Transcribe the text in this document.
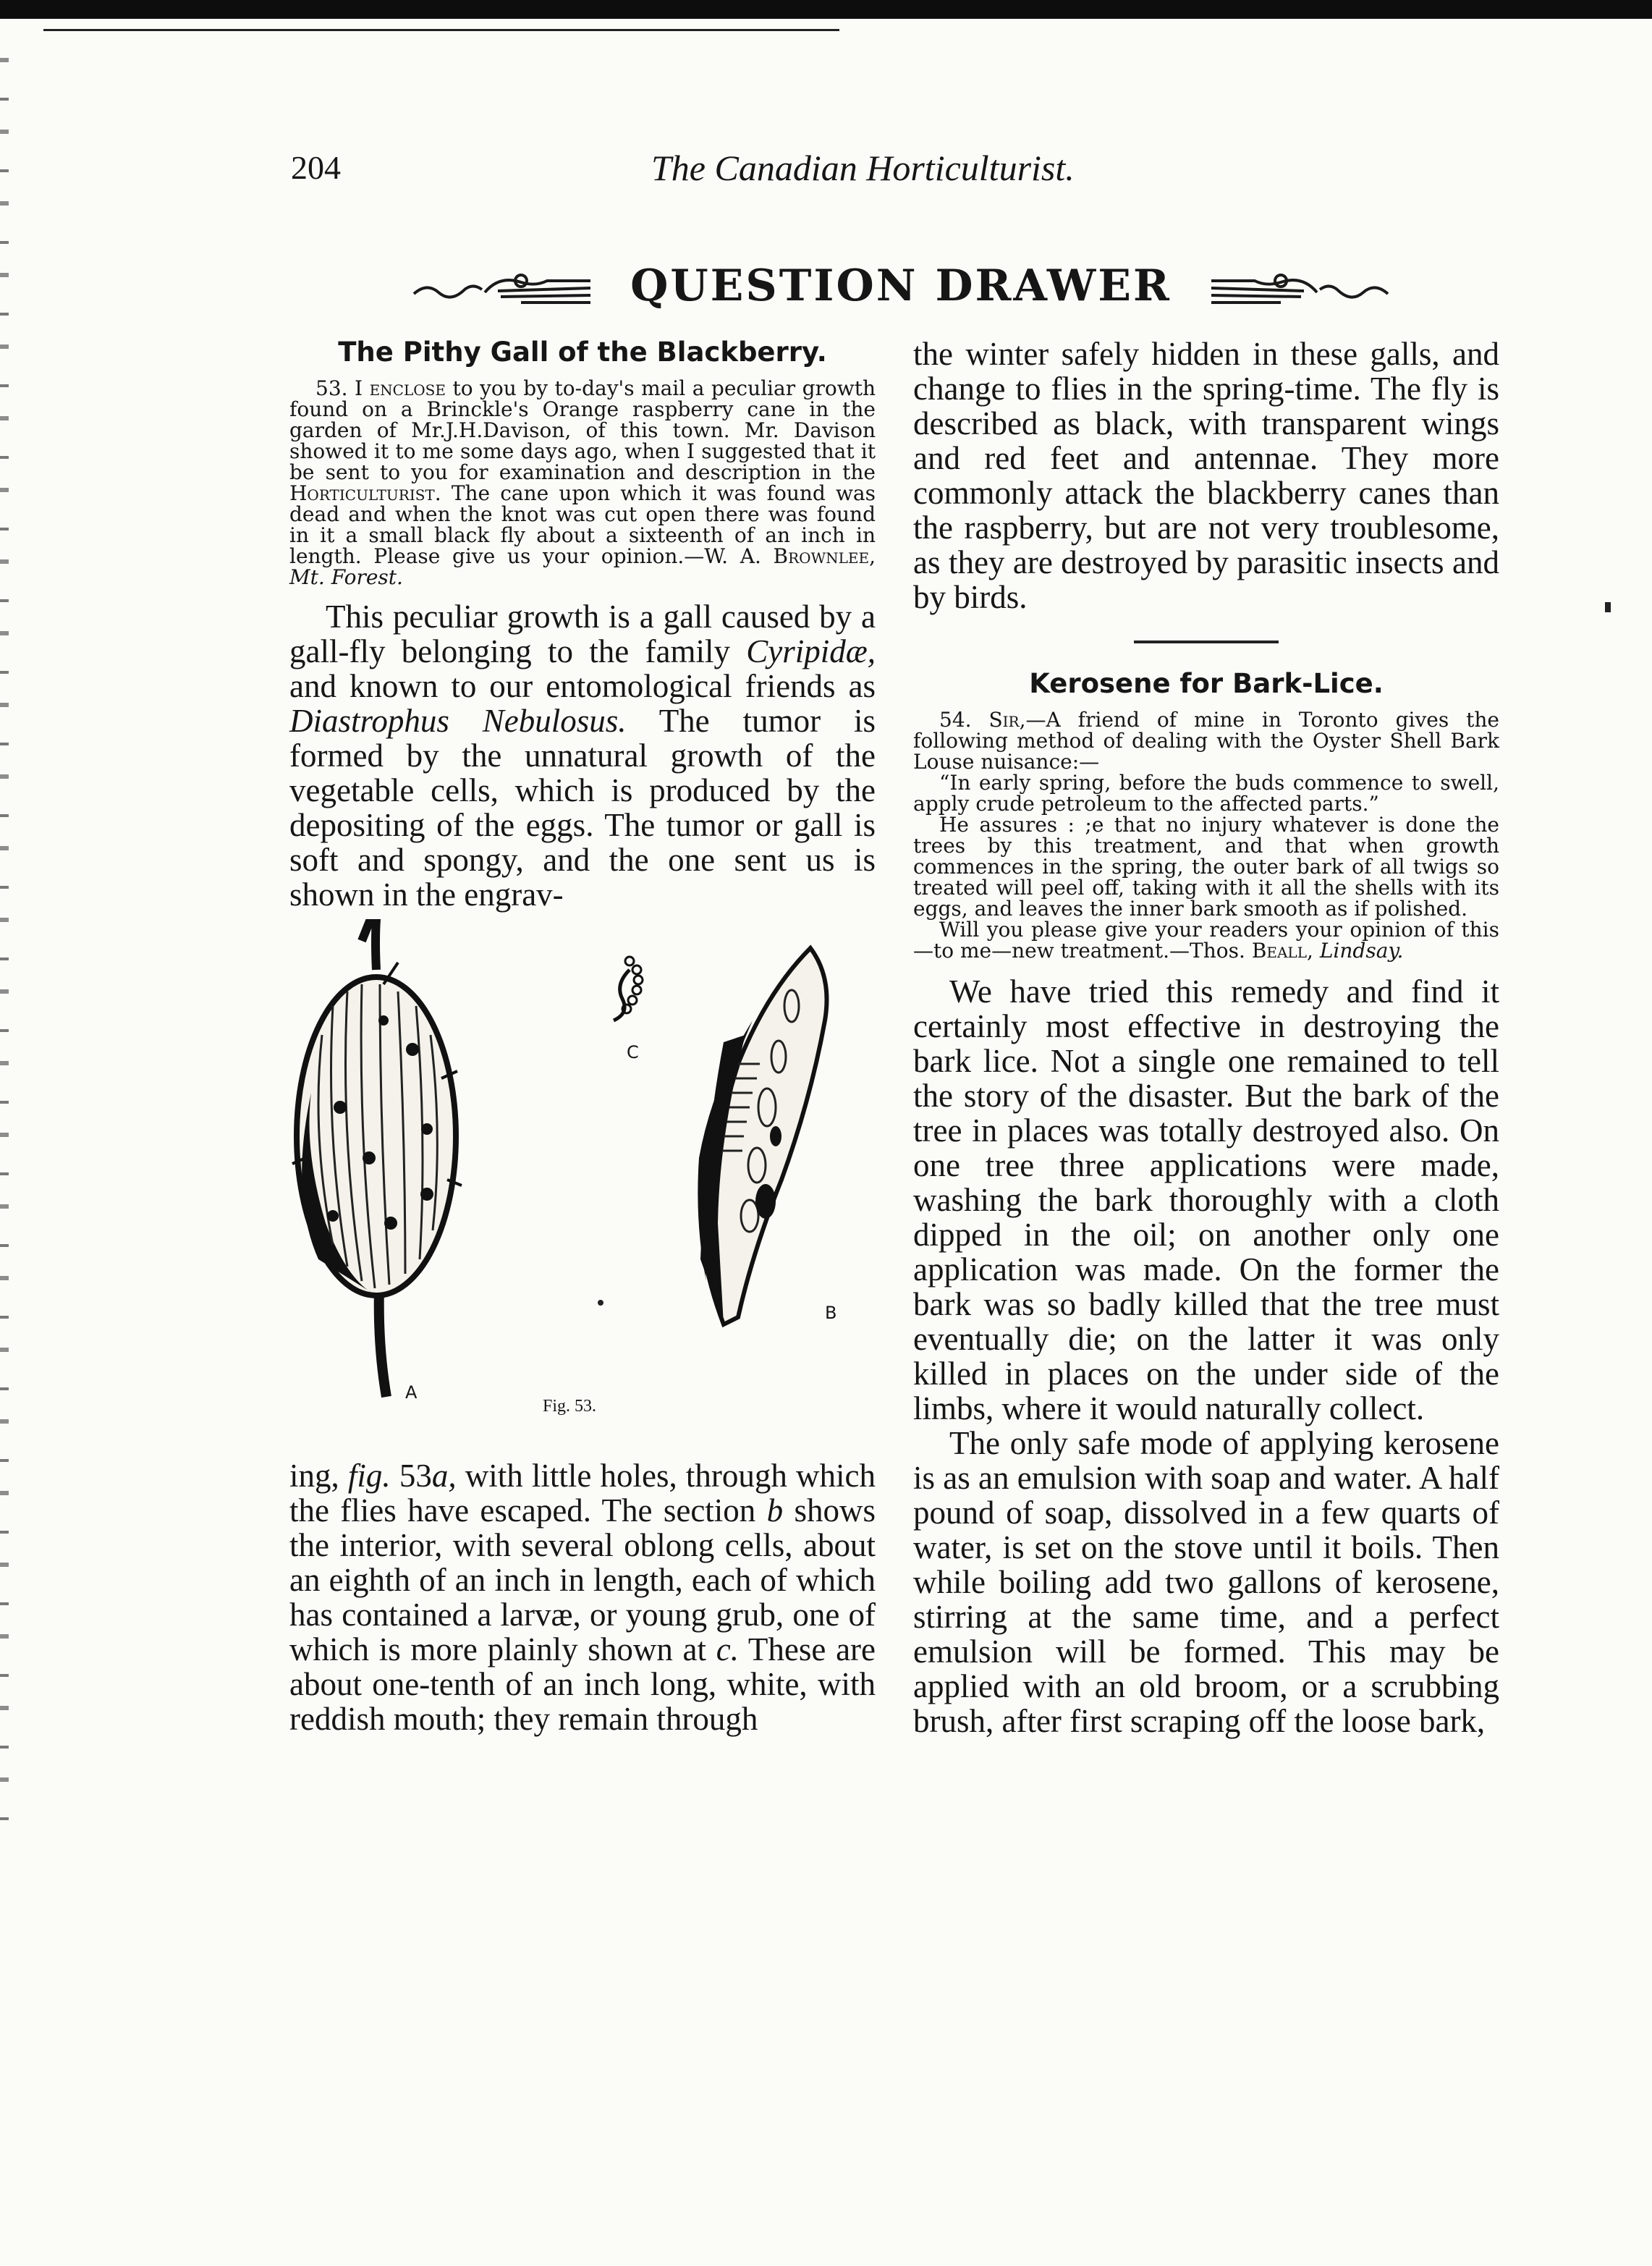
204	The Canadian Horticulturist.
QUESTION DRAWER
The Pithy Gall of the Blackberry.

53. I enclose to you by to-day's mail a peculiar growth found on a Brinckle's Orange raspberry cane in the garden of Mr.J.H.Davison, of this town. Mr. Davison showed it to me some days ago, when I suggested that it be sent to you for examination and description in the Horticulturist. The cane upon which it was found was dead and when the knot was cut open there was found in it a small black fly about a sixteenth of an inch in length. Please give us your opinion.—W. A. Brownlee, Mt. Forest.

This peculiar growth is a gall caused by a gall-fly belonging to the family Cyripidæ, and known to our entomological friends as Diastrophus Nebulosus. The tumor is formed by the unnatural growth of the vegetable cells, which is produced by the depositing of the eggs. The tumor or gall is soft and spongy, and the one sent us is shown in the engrav-

C
B
A
Fig. 53.

ing, fig. 53a, with little holes, through which the flies have escaped. The section b shows the interior, with several oblong cells, about an eighth of an inch in length, each of which has contained a larvæ, or young grub, one of which is more plainly shown at c. These are about one-tenth of an inch long, white, with reddish mouth; they remain through

the winter safely hidden in these galls, and change to flies in the spring-time. The fly is described as black, with transparent wings and red feet and antennae. They more commonly attack the blackberry canes than the raspberry, but are not very troublesome, as they are destroyed by parasitic insects and by birds.

Kerosene for Bark-Lice.

54. Sir,—A friend of mine in Toronto gives the following method of dealing with the Oyster Shell Bark Louse nuisance:—

“In early spring, before the buds commence to swell, apply crude petroleum to the affected parts.”

He assures : ;e that no injury whatever is done the trees by this treatment, and that when growth commences in the spring, the outer bark of all twigs so treated will peel off, taking with it all the shells with its eggs, and leaves the inner bark smooth as if polished.

Will you please give your readers your opinion of this—to me—new treatment.—Thos. Beall, Lindsay.

We have tried this remedy and find it certainly most effective in destroying the bark lice. Not a single one remained to tell the story of the disaster. But the bark of the tree in places was totally destroyed also. On one tree three applications were made, washing the bark thoroughly with a cloth dipped in the oil; on another only one application was made. On the former the bark was so badly killed that the tree must eventually die; on the latter it was only killed in places on the under side of the limbs, where it would naturally collect.

The only safe mode of applying kerosene is as an emulsion with soap and water. A half pound of soap, dissolved in a few quarts of water, is set on the stove until it boils. Then while boiling add two gallons of kerosene, stirring at the same time, and a perfect emulsion will be formed. This may be applied with an old broom, or a scrubbing brush, after first scraping off the loose bark,
